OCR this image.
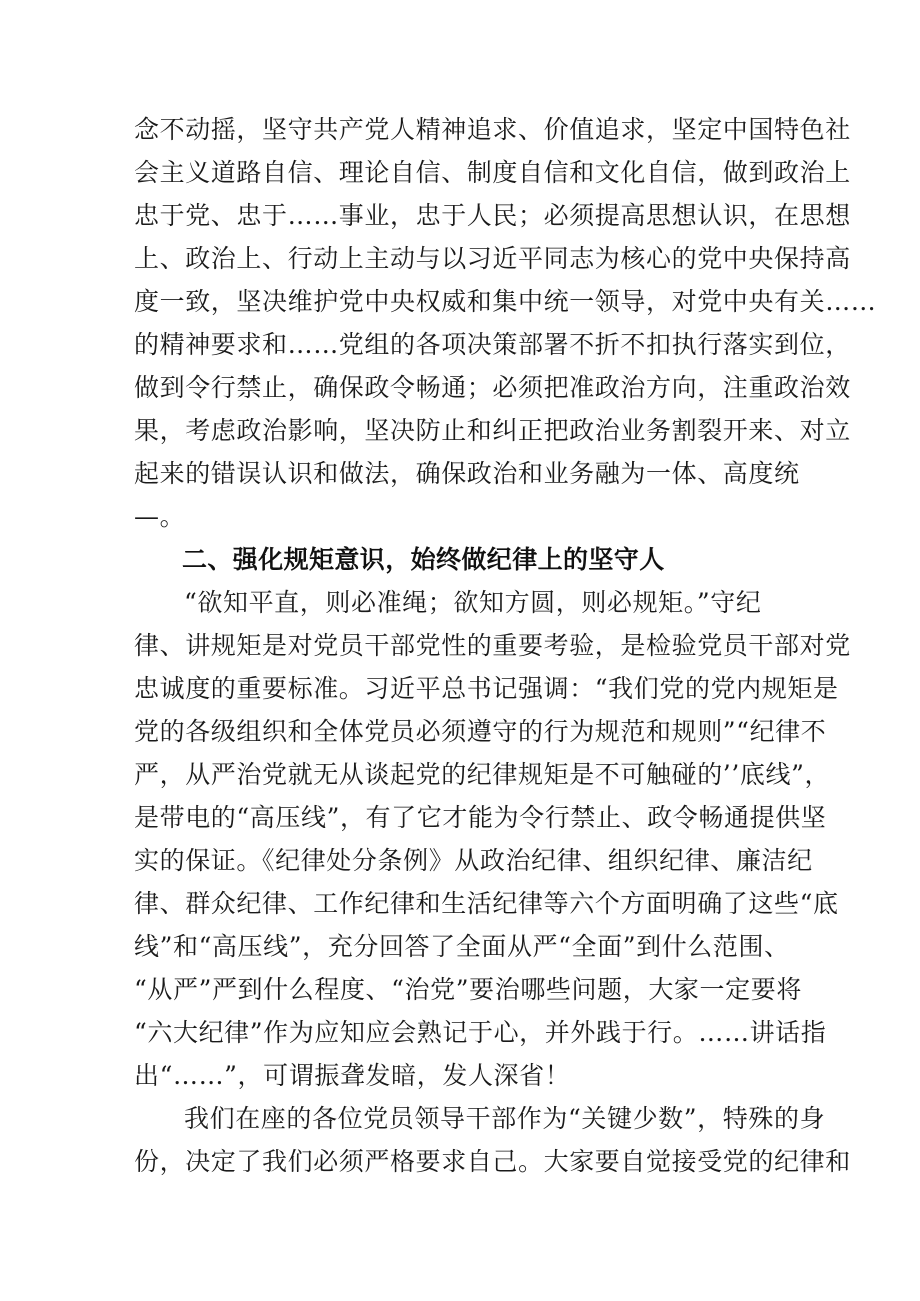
念不动摇，坚守共产党人精神追求、价值追求，坚定中国特色社
会主义道路自信、理论自信、制度自信和文化自信，做到政治上
忠于党、忠于……事业，忠于人民；必须提高思想认识，在思想
上、政治上、行动上主动与以习近平同志为核心的党中央保持高
度一致，坚决维护党中央权威和集中统一领导，对党中央有关……
的精神要求和……党组的各项决策部署不折不扣执行落实到位，
做到令行禁止，确保政令畅通；必须把准政治方向，注重政治效
果，考虑政治影响，坚决防止和纠正把政治业务割裂开来、对立
起来的错误认识和做法，确保政治和业务融为一体、高度统
—。
二、强化规矩意识，始终做纪律上的坚守人
“欲知平直，则必准绳；欲知方圆，则必规矩。”守纪
律、讲规矩是对党员干部党性的重要考验，是检验党员干部对党
忠诚度的重要标准。习近平总书记强调：“我们党的党内规矩是
党的各级组织和全体党员必须遵守的行为规范和规则”“纪律不
严，从严治党就无从谈起党的纪律规矩是不可触碰的’’底线”，
是带电的“高压线”，有了它才能为令行禁止、政令畅通提供坚
实的保证。《纪律处分条例》从政治纪律、组织纪律、廉洁纪
律、群众纪律、工作纪律和生活纪律等六个方面明确了这些“底
线”和“高压线”，充分回答了全面从严“全面”到什么范围、
“从严”严到什么程度、“治党”要治哪些问题，大家一定要将
“六大纪律”作为应知应会熟记于心，并外践于行。……讲话指
出“……”，可谓振聋发暗，发人深省！
我们在座的各位党员领导干部作为“关键少数”，特殊的身
份，决定了我们必须严格要求自己。大家要自觉接受党的纪律和
